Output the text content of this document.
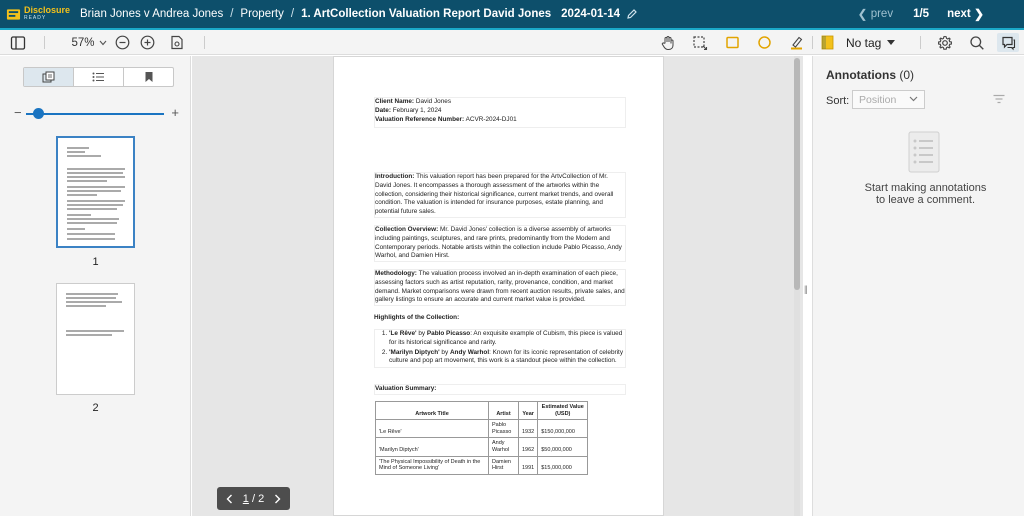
Disclosure
READY	Brian Jones v Andrea Jones / Property / 1. ArtCollection Valuation Report David Jones 2024-01-14	❮
prev 1/5 next
❯
57%	No tag
−	+
1
2

Client Name: David Jones

Date: February 1, 2024

Valuation Reference Number: ACVR-2024-DJ01

Introduction: This valuation report has been prepared for the ArtvCollection of Mr. David Jones. It encompasses a thorough assessment of the artworks within the collection, considering their historical significance, current market trends, and overall condition. The valuation is intended for insurance purposes, estate planning, and potential future sales.

Collection Overview: Mr. David Jones' collection is a diverse assembly of artworks including paintings, sculptures, and rare prints, predominantly from the Modern and Contemporary periods. Notable artists within the collection include Pablo Picasso, Andy Warhol, and Damien Hirst.

Methodology: The valuation process involved an in-depth examination of each piece, assessing factors such as artist reputation, rarity, provenance, condition, and market demand. Market comparisons were drawn from recent auction results, private sales, and gallery listings to ensure an accurate and current market value is provided.

Highlights of the Collection:

1. 'Le Rêve' by Pablo Picasso: An exquisite example of Cubism, this piece is valued for its historical significance and rarity.
2. 'Marilyn Diptych' by Andy Warhol: Known for its iconic representation of celebrity culture and pop art movement, this work is a standout piece within the collection.

Valuation Summary:

Artwork Title	Artist	Year	Estimated Value (USD)
'Le Rêve'	Pablo Picasso	1932	$150,000,000
'Marilyn Diptych'	Andy Warhol	1962	$50,000,000
'The Physical Impossibility of Death in the Mind of Someone Living'	Damien Hirst	1991	$15,000,000
1
/
2
||
Annotations (0)
Sort: Position
Start making annotations
to leave a comment.
